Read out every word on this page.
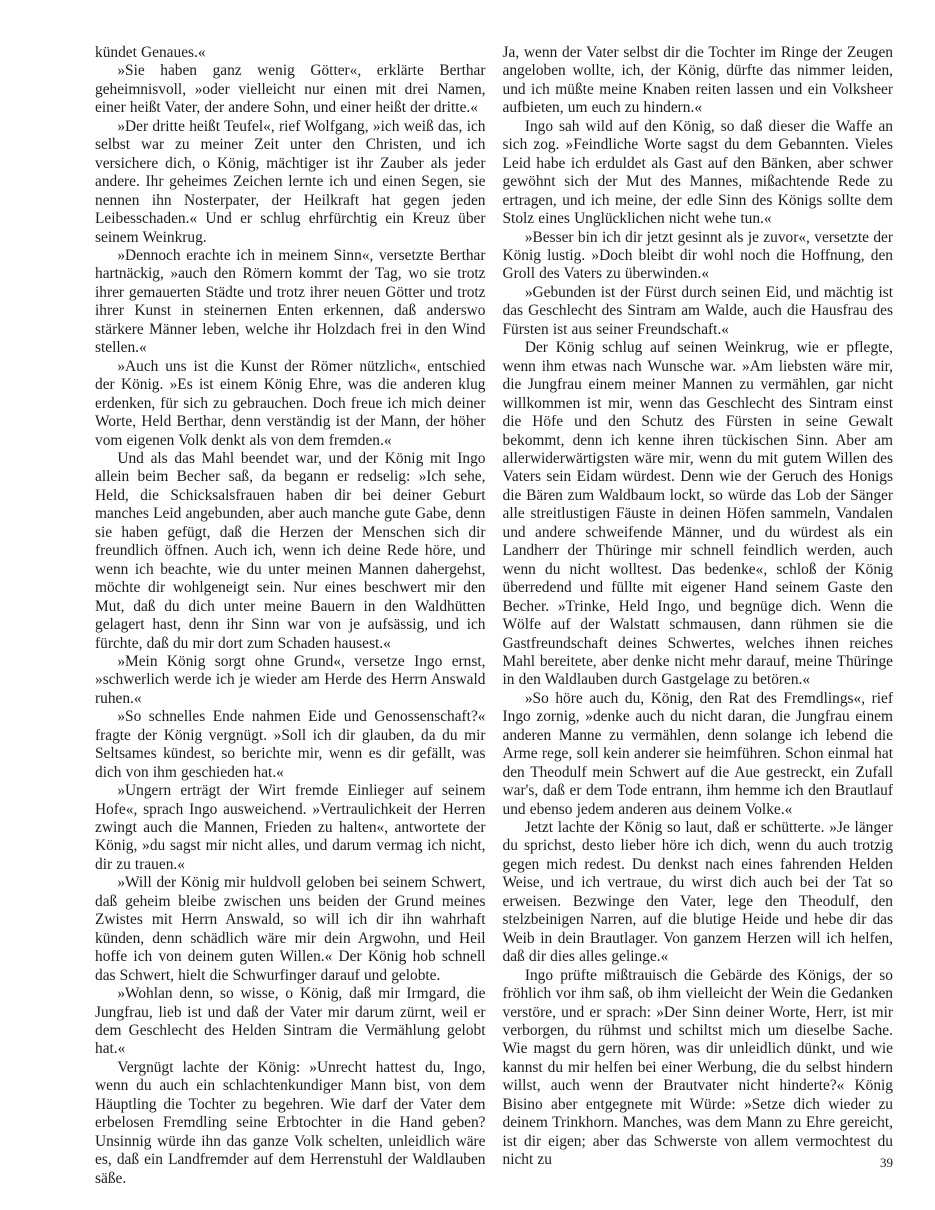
kündet Genaues.«

»Sie haben ganz wenig Götter«, erklärte Berthar geheimnisvoll, »oder vielleicht nur einen mit drei Namen, einer heißt Vater, der andere Sohn, und einer heißt der dritte.«

»Der dritte heißt Teufel«, rief Wolfgang, »ich weiß das, ich selbst war zu meiner Zeit unter den Christen, und ich versichere dich, o König, mächtiger ist ihr Zauber als jeder andere. Ihr geheimes Zeichen lernte ich und einen Segen, sie nennen ihn Nosterpater, der Heilkraft hat gegen jeden Leibesschaden.« Und er schlug ehrfürchtig ein Kreuz über seinem Weinkrug.

»Dennoch erachte ich in meinem Sinn«, versetzte Berthar hartnäckig, »auch den Römern kommt der Tag, wo sie trotz ihrer gemauerten Städte und trotz ihrer neuen Götter und trotz ihrer Kunst in steinernen Enten erkennen, daß anderswo stärkere Männer leben, welche ihr Holzdach frei in den Wind stellen.«

»Auch uns ist die Kunst der Römer nützlich«, entschied der König. »Es ist einem König Ehre, was die anderen klug erdenken, für sich zu gebrauchen. Doch freue ich mich deiner Worte, Held Berthar, denn verständig ist der Mann, der höher vom eigenen Volk denkt als von dem fremden.«

Und als das Mahl beendet war, und der König mit Ingo allein beim Becher saß, da begann er redselig: »Ich sehe, Held, die Schicksalsfrauen haben dir bei deiner Geburt manches Leid angebunden, aber auch manche gute Gabe, denn sie haben gefügt, daß die Herzen der Menschen sich dir freundlich öffnen. Auch ich, wenn ich deine Rede höre, und wenn ich beachte, wie du unter meinen Mannen dahergehst, möchte dir wohlgeneigt sein. Nur eines beschwert mir den Mut, daß du dich unter meine Bauern in den Waldhütten gelagert hast, denn ihr Sinn war von je aufsässig, und ich fürchte, daß du mir dort zum Schaden hausest.«

»Mein König sorgt ohne Grund«, versetze Ingo ernst, »schwerlich werde ich je wieder am Herde des Herrn Answald ruhen.«

»So schnelles Ende nahmen Eide und Genossenschaft?« fragte der König vergnügt. »Soll ich dir glauben, da du mir Seltsames kündest, so berichte mir, wenn es dir gefällt, was dich von ihm geschieden hat.«

»Ungern erträgt der Wirt fremde Einlieger auf seinem Hofe«, sprach Ingo ausweichend. »Vertraulichkeit der Herren zwingt auch die Mannen, Frieden zu halten«, antwortete der König, »du sagst mir nicht alles, und darum vermag ich nicht, dir zu trauen.«

»Will der König mir huldvoll geloben bei seinem Schwert, daß geheim bleibe zwischen uns beiden der Grund meines Zwistes mit Herrn Answald, so will ich dir ihn wahrhaft künden, denn schädlich wäre mir dein Argwohn, und Heil hoffe ich von deinem guten Willen.« Der König hob schnell das Schwert, hielt die Schwurfinger darauf und gelobte.

»Wohlan denn, so wisse, o König, daß mir Irmgard, die Jungfrau, lieb ist und daß der Vater mir darum zürnt, weil er dem Geschlecht des Helden Sintram die Vermählung gelobt hat.«

Vergnügt lachte der König: »Unrecht hattest du, Ingo, wenn du auch ein schlachtenkundiger Mann bist, von dem Häuptling die Tochter zu begehren. Wie darf der Vater dem erbelosen Fremdling seine Erbtochter in die Hand geben? Unsinnig würde ihn das ganze Volk schelten, unleidlich wäre es, daß ein Landfremder auf dem Herrenstuhl der Waldlauben säße.

Ja, wenn der Vater selbst dir die Tochter im Ringe der Zeugen angeloben wollte, ich, der König, dürfte das nimmer leiden, und ich müßte meine Knaben reiten lassen und ein Volksheer aufbieten, um euch zu hindern.«

Ingo sah wild auf den König, so daß dieser die Waffe an sich zog. »Feindliche Worte sagst du dem Gebannten. Vieles Leid habe ich erduldet als Gast auf den Bänken, aber schwer gewöhnt sich der Mut des Mannes, mißachtende Rede zu ertragen, und ich meine, der edle Sinn des Königs sollte dem Stolz eines Unglücklichen nicht wehe tun.«

»Besser bin ich dir jetzt gesinnt als je zuvor«, versetzte der König lustig. »Doch bleibt dir wohl noch die Hoffnung, den Groll des Vaters zu überwinden.«

»Gebunden ist der Fürst durch seinen Eid, und mächtig ist das Geschlecht des Sintram am Walde, auch die Hausfrau des Fürsten ist aus seiner Freundschaft.«

Der König schlug auf seinen Weinkrug, wie er pflegte, wenn ihm etwas nach Wunsche war. »Am liebsten wäre mir, die Jungfrau einem meiner Mannen zu vermählen, gar nicht willkommen ist mir, wenn das Geschlecht des Sintram einst die Höfe und den Schutz des Fürsten in seine Gewalt bekommt, denn ich kenne ihren tückischen Sinn. Aber am allerwiderwärtigsten wäre mir, wenn du mit gutem Willen des Vaters sein Eidam würdest. Denn wie der Geruch des Honigs die Bären zum Waldbaum lockt, so würde das Lob der Sänger alle streitlustigen Fäuste in deinen Höfen sammeln, Vandalen und andere schweifende Männer, und du würdest als ein Landherr der Thüringe mir schnell feindlich werden, auch wenn du nicht wolltest. Das bedenke«, schloß der König überredend und füllte mit eigener Hand seinem Gaste den Becher. »Trinke, Held Ingo, und begnüge dich. Wenn die Wölfe auf der Walstatt schmausen, dann rühmen sie die Gastfreundschaft deines Schwertes, welches ihnen reiches Mahl bereitete, aber denke nicht mehr darauf, meine Thüringe in den Waldlauben durch Gastgelage zu betören.«

»So höre auch du, König, den Rat des Fremdlings«, rief Ingo zornig, »denke auch du nicht daran, die Jungfrau einem anderen Manne zu vermählen, denn solange ich lebend die Arme rege, soll kein anderer sie heimführen. Schon einmal hat den Theodulf mein Schwert auf die Aue gestreckt, ein Zufall war's, daß er dem Tode entrann, ihm hemme ich den Brautlauf und ebenso jedem anderen aus deinem Volke.«

Jetzt lachte der König so laut, daß er schütterte. »Je länger du sprichst, desto lieber höre ich dich, wenn du auch trotzig gegen mich redest. Du denkst nach eines fahrenden Helden Weise, und ich vertraue, du wirst dich auch bei der Tat so erweisen. Bezwinge den Vater, lege den Theodulf, den stelzbeinigen Narren, auf die blutige Heide und hebe dir das Weib in dein Brautlager. Von ganzem Herzen will ich helfen, daß dir dies alles gelinge.«

Ingo prüfte mißtrauisch die Gebärde des Königs, der so fröhlich vor ihm saß, ob ihm vielleicht der Wein die Gedanken verstöre, und er sprach: »Der Sinn deiner Worte, Herr, ist mir verborgen, du rühmst und schiltst mich um dieselbe Sache. Wie magst du gern hören, was dir unleidlich dünkt, und wie kannst du mir helfen bei einer Werbung, die du selbst hindern willst, auch wenn der Brautvater nicht hinderte?« König Bisino aber entgegnete mit Würde: »Setze dich wieder zu deinem Trinkhorn. Manches, was dem Mann zu Ehre gereicht, ist dir eigen; aber das Schwerste von allem vermochtest du nicht zu	39
